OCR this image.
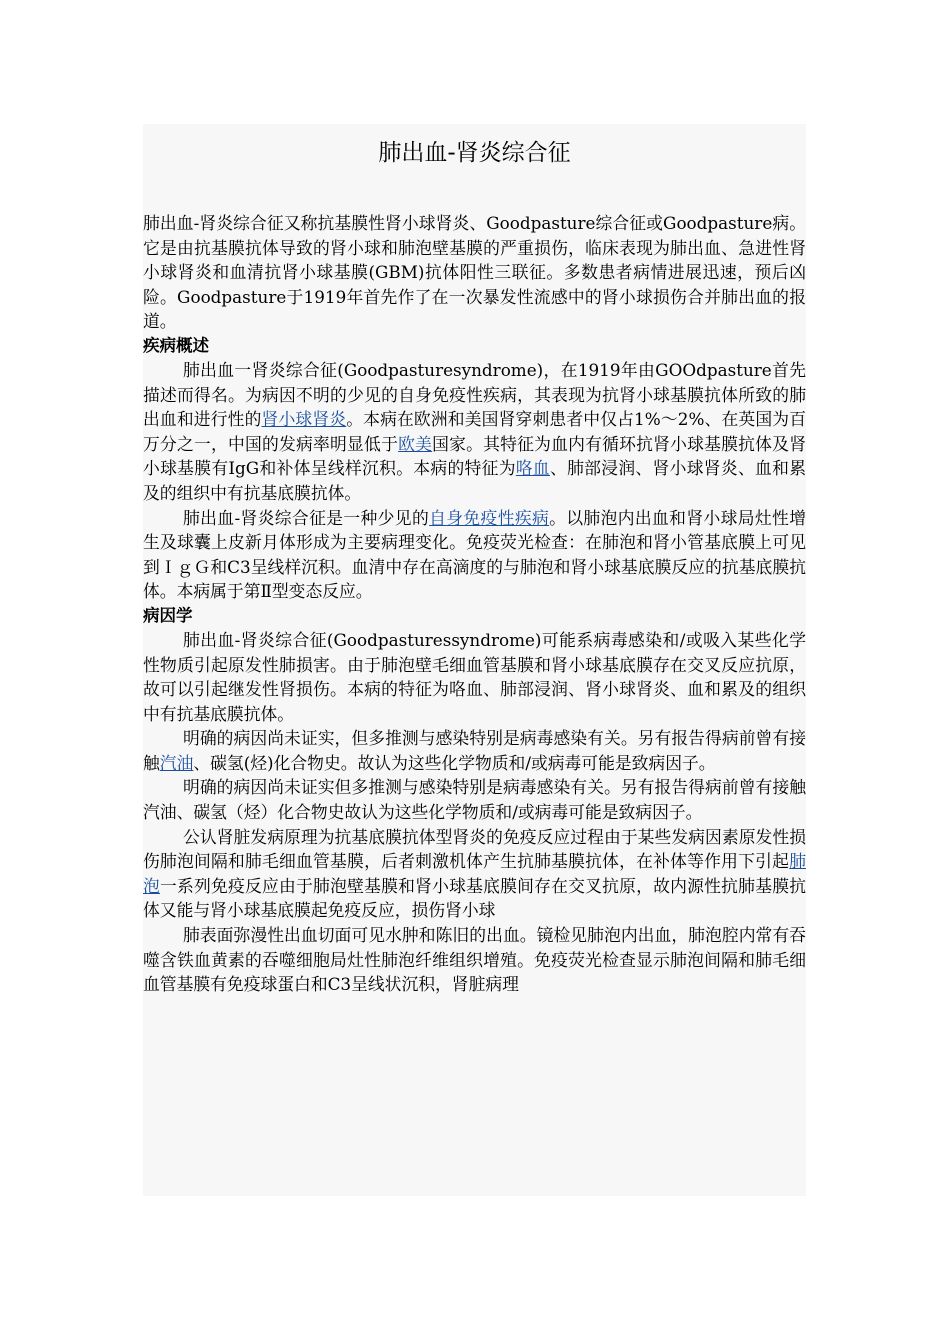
肺出血-肾炎综合征

肺出血-肾炎综合征又称抗基膜性肾小球肾炎、Goodpasture综合征或Goodpasture病。它是由抗基膜抗体导致的肾小球和肺泡壁基膜的严重损伤，临床表现为肺出血、急进性肾小球肾炎和血清抗肾小球基膜(GBM)抗体阳性三联征。多数患者病情进展迅速，预后凶险。Goodpasture于1919年首先作了在一次暴发性流感中的肾小球损伤合并肺出血的报道。

疾病概述

肺出血一肾炎综合征(Goodpasturesyndrome)，在1919年由GOOdpasture首先描述而得名。为病因不明的少见的自身免疫性疾病，其表现为抗肾小球基膜抗体所致的肺出血和进行性的肾小球肾炎。本病在欧洲和美国肾穿刺患者中仅占1%～2%、在英国为百万分之一，中国的发病率明显低于欧美国家。其特征为血内有循环抗肾小球基膜抗体及肾小球基膜有IgG和补体呈线样沉积。本病的特征为咯血、肺部浸润、肾小球肾炎、血和累及的组织中有抗基底膜抗体。

肺出血-肾炎综合征是一种少见的自身免疫性疾病。以肺泡内出血和肾小球局灶性增生及球囊上皮新月体形成为主要病理变化。免疫荧光检查：在肺泡和肾小管基底膜上可见到ＩｇＧ和C3呈线样沉积。血清中存在高滴度的与肺泡和肾小球基底膜反应的抗基底膜抗体。本病属于第Ⅱ型变态反应。

病因学

肺出血-肾炎综合征(Goodpasturessyndrome)可能系病毒感染和/或吸入某些化学性物质引起原发性肺损害。由于肺泡壁毛细血管基膜和肾小球基底膜存在交叉反应抗原，故可以引起继发性肾损伤。本病的特征为咯血、肺部浸润、肾小球肾炎、血和累及的组织中有抗基底膜抗体。

明确的病因尚未证实，但多推测与感染特别是病毒感染有关。另有报告得病前曾有接触汽油、碳氢(烃)化合物史。故认为这些化学物质和/或病毒可能是致病因子。

明确的病因尚未证实但多推测与感染特别是病毒感染有关。另有报告得病前曾有接触汽油、碳氢（烃）化合物史故认为这些化学物质和/或病毒可能是致病因子。

公认肾脏发病原理为抗基底膜抗体型肾炎的免疫反应过程由于某些发病因素原发性损伤肺泡间隔和肺毛细血管基膜，后者刺激机体产生抗肺基膜抗体，在补体等作用下引起肺泡一系列免疫反应由于肺泡壁基膜和肾小球基底膜间存在交叉抗原，故内源性抗肺基膜抗体又能与肾小球基底膜起免疫反应，损伤肾小球

肺表面弥漫性出血切面可见水肿和陈旧的出血。镜检见肺泡内出血，肺泡腔内常有吞噬含铁血黄素的吞噬细胞局灶性肺泡纤维组织增殖。免疫荧光检查显示肺泡间隔和肺毛细血管基膜有免疫球蛋白和C3呈线状沉积，肾脏病理
